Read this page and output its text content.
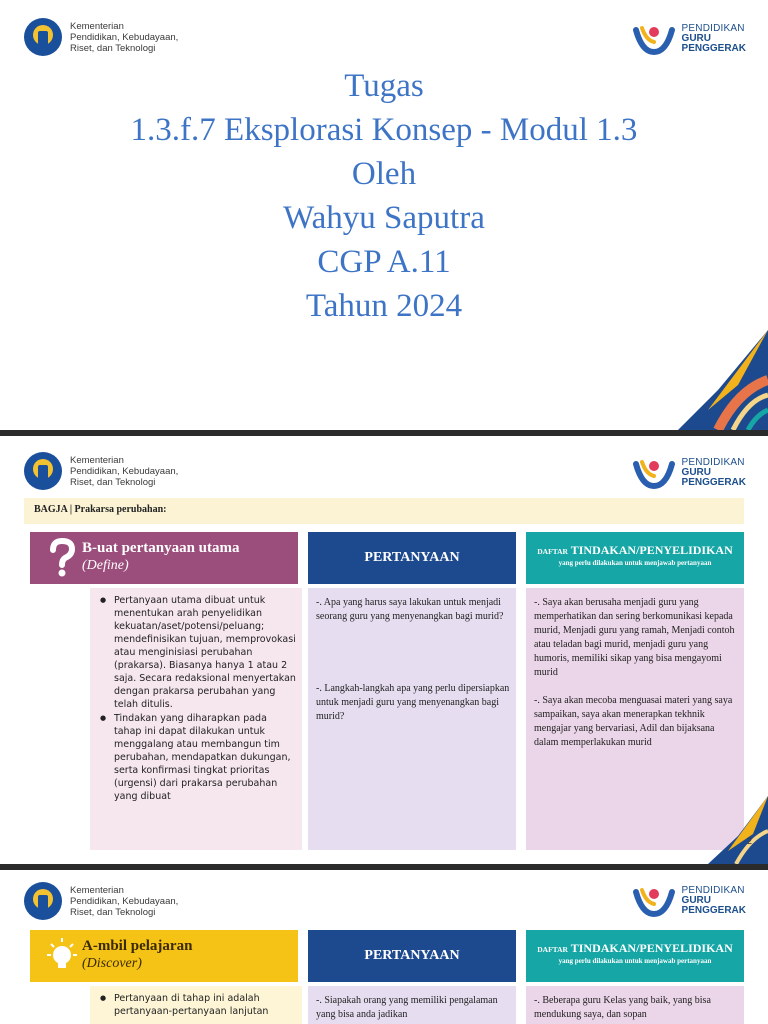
Kementerian
Pendidikan, Kebudayaan,
Riset, dan Teknologi
PENDIDIKAN
GURU
PENGGERAK
Tugas
1.3.f.7 Eksplorasi Konsep - Modul 1.3
Oleh
Wahyu Saputra
CGP A.11
Tahun 2024
Kementerian
Pendidikan, Kebudayaan,
Riset, dan Teknologi
PENDIDIKAN
GURU
PENGGERAK
BAGJA | Prakarsa perubahan:
B-uat pertanyaan utama
(Define)
PERTANYAAN	DAFTAR TINDAKAN/PENYELIDIKAN
yang perlu dilakukan untuk menjawab pertanyaan
● Pertanyaan utama dibuat untuk menentukan arah penyelidikan kekuatan/aset/potensi/peluang; mendefinisikan tujuan, memprovokasi atau menginisiasi perubahan (prakarsa). Biasanya hanya 1 atau 2 saja. Secara redaksional menyertakan dengan prakarsa perubahan yang telah ditulis.
● Tindakan yang diharapkan pada tahap ini dapat dilakukan untuk menggalang atau membangun tim perubahan, mendapatkan dukungan, serta konfirmasi tingkat prioritas (urgensi) dari prakarsa perubahan yang dibuat

-. Apa yang harus saya lakukan untuk menjadi seorang guru yang menyenangkan bagi murid?

-. Langkah-langkah apa yang perlu dipersiapkan untuk menjadi guru yang menyenangkan bagi murid?

-. Saya akan berusaha menjadi guru yang memperhatikan dan sering berkomunikasi kepada murid, Menjadi guru yang ramah, Menjadi contoh atau teladan bagi murid, menjadi guru yang humoris, memiliki sikap yang bisa mengayomi murid

-. Saya akan mecoba menguasai materi yang saya sampaikan, saya akan menerapkan tekhnik mengajar yang bervariasi, Adil dan bijaksana dalam memperlakukan murid

2
Kementerian
Pendidikan, Kebudayaan,
Riset, dan Teknologi
PENDIDIKAN
GURU
PENGGERAK
A-mbil pelajaran
(Discover)
PERTANYAAN	DAFTAR TINDAKAN/PENYELIDIKAN
yang perlu dilakukan untuk menjawab pertanyaan
● Pertanyaan di tahap ini adalah pertanyaan-pertanyaan lanjutan

-. Siapakah orang yang memiliki pengalaman yang bisa anda jadikan

-. Beberapa guru Kelas yang baik, yang bisa mendukung saya, dan sopan
